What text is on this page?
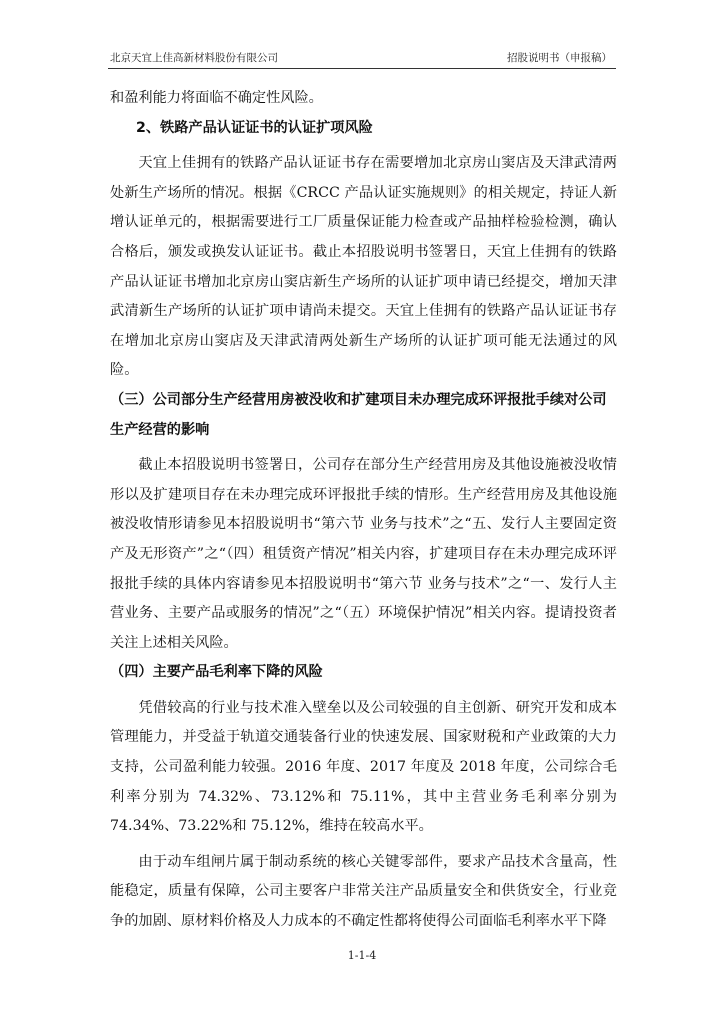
北京天宜上佳高新材料股份有限公司	招股说明书（申报稿）

和盈利能力将面临不确定性风险。

2、铁路产品认证证书的认证扩项风险

天宜上佳拥有的铁路产品认证证书存在需要增加北京房山窦店及天津武清两处新生产场所的情况。根据《CRCC 产品认证实施规则》的相关规定，持证人新增认证单元的，根据需要进行工厂质量保证能力检查或产品抽样检验检测，确认合格后，颁发或换发认证证书。截止本招股说明书签署日，天宜上佳拥有的铁路产品认证证书增加北京房山窦店新生产场所的认证扩项申请已经提交，增加天津武清新生产场所的认证扩项申请尚未提交。天宜上佳拥有的铁路产品认证证书存在增加北京房山窦店及天津武清两处新生产场所的认证扩项可能无法通过的风险。

（三）公司部分生产经营用房被没收和扩建项目未办理完成环评报批手续对公司生产经营的影响

截止本招股说明书签署日，公司存在部分生产经营用房及其他设施被没收情形以及扩建项目存在未办理完成环评报批手续的情形。生产经营用房及其他设施被没收情形请参见本招股说明书“第六节 业务与技术”之“五、发行人主要固定资产及无形资产”之“（四）租赁资产情况”相关内容，扩建项目存在未办理完成环评报批手续的具体内容请参见本招股说明书“第六节 业务与技术”之“一、发行人主营业务、主要产品或服务的情况”之“（五）环境保护情况”相关内容。提请投资者关注上述相关风险。

（四）主要产品毛利率下降的风险

凭借较高的行业与技术准入壁垒以及公司较强的自主创新、研究开发和成本管理能力，并受益于轨道交通装备行业的快速发展、国家财税和产业政策的大力支持，公司盈利能力较强。2016 年度、2017 年度及 2018 年度，公司综合毛利率分别为 74.32%、73.12%和 75.11%，其中主营业务毛利率分别为 74.34%、73.22%和 75.12%，维持在较高水平。

由于动车组闸片属于制动系统的核心关键零部件，要求产品技术含量高，性能稳定，质量有保障，公司主要客户非常关注产品质量安全和供货安全，行业竞争的加剧、原材料价格及人力成本的不确定性都将使得公司面临毛利率水平下降

1-1-4
